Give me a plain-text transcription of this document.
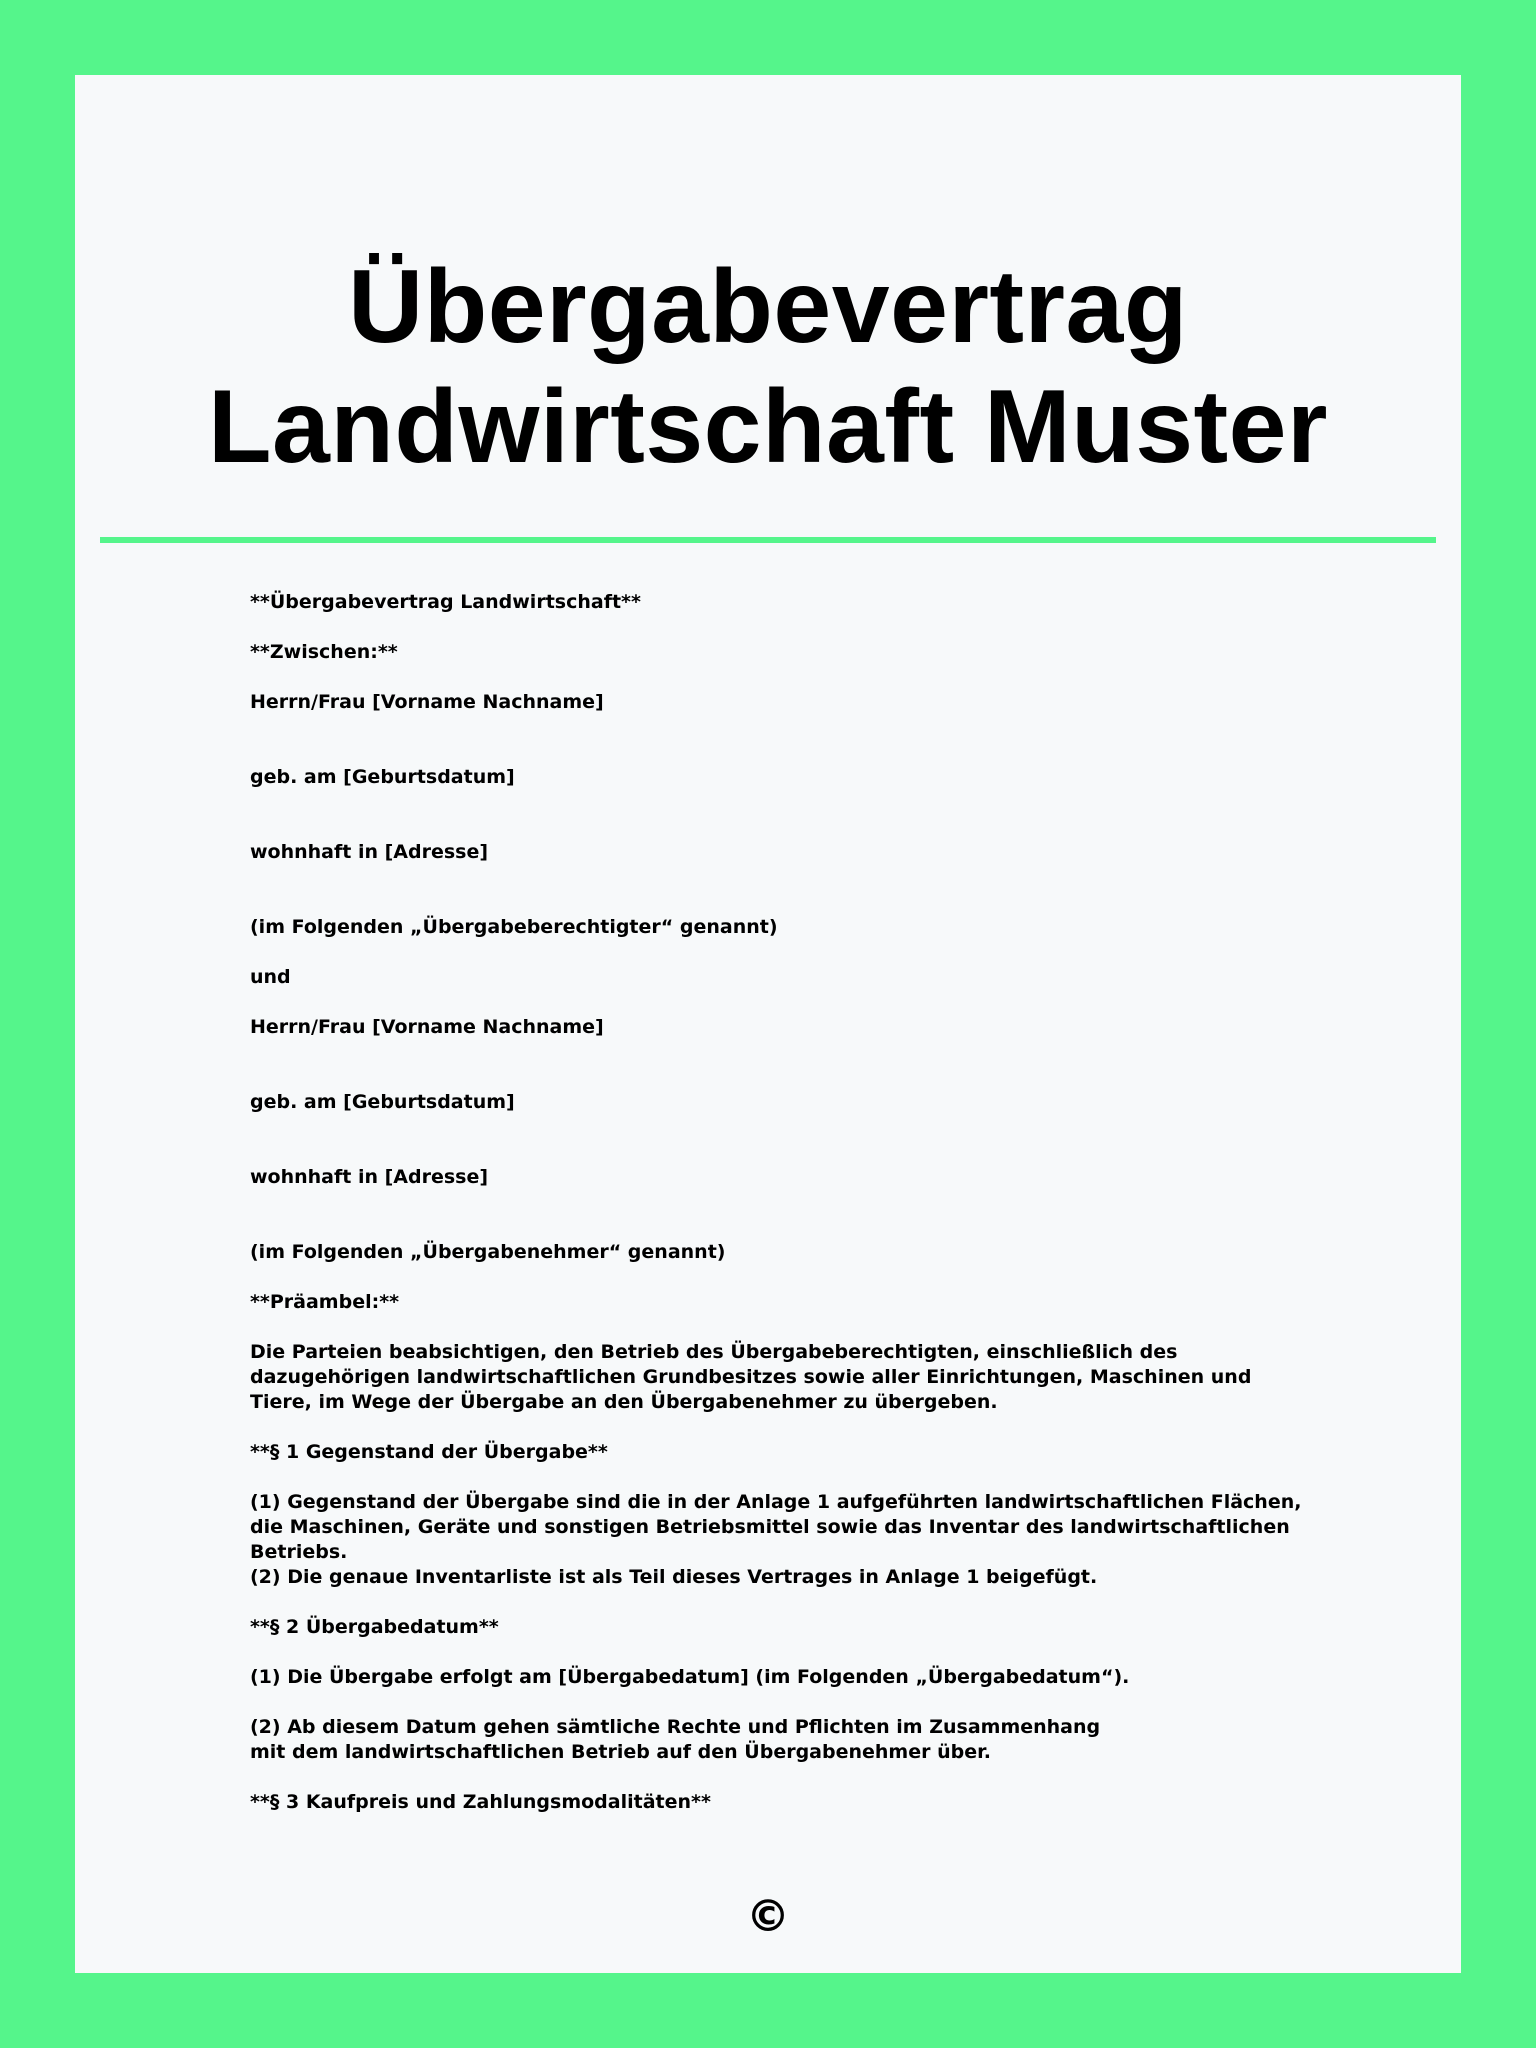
Übergabevertrag
Landwirtschaft Muster

**Übergabevertrag Landwirtschaft**

**Zwischen:**

Herrn/Frau [Vorname Nachname]

geb. am [Geburtsdatum]

wohnhaft in [Adresse]

(im Folgenden „Übergabeberechtigter“ genannt)

und

Herrn/Frau [Vorname Nachname]

geb. am [Geburtsdatum]

wohnhaft in [Adresse]

(im Folgenden „Übergabenehmer“ genannt)

**Präambel:**

Die Parteien beabsichtigen, den Betrieb des Übergabeberechtigten, einschließlich des dazugehörigen landwirtschaftlichen Grundbesitzes sowie aller Einrichtungen, Maschinen und Tiere, im Wege der Übergabe an den Übergabenehmer zu übergeben.

**§ 1 Gegenstand der Übergabe**

(1) Gegenstand der Übergabe sind die in der Anlage 1 aufgeführten landwirtschaftlichen Flächen, die Maschinen, Geräte und sonstigen Betriebsmittel sowie das Inventar des landwirtschaftlichen Betriebs.

(2) Die genaue Inventarliste ist als Teil dieses Vertrages in Anlage 1 beigefügt.

**§ 2 Übergabedatum**

(1) Die Übergabe erfolgt am [Übergabedatum] (im Folgenden „Übergabedatum“).

(2) Ab diesem Datum gehen sämtliche Rechte und Pflichten im Zusammenhang mit dem landwirtschaftlichen Betrieb auf den Übergabenehmer über.

**§ 3 Kaufpreis und Zahlungsmodalitäten**

©
